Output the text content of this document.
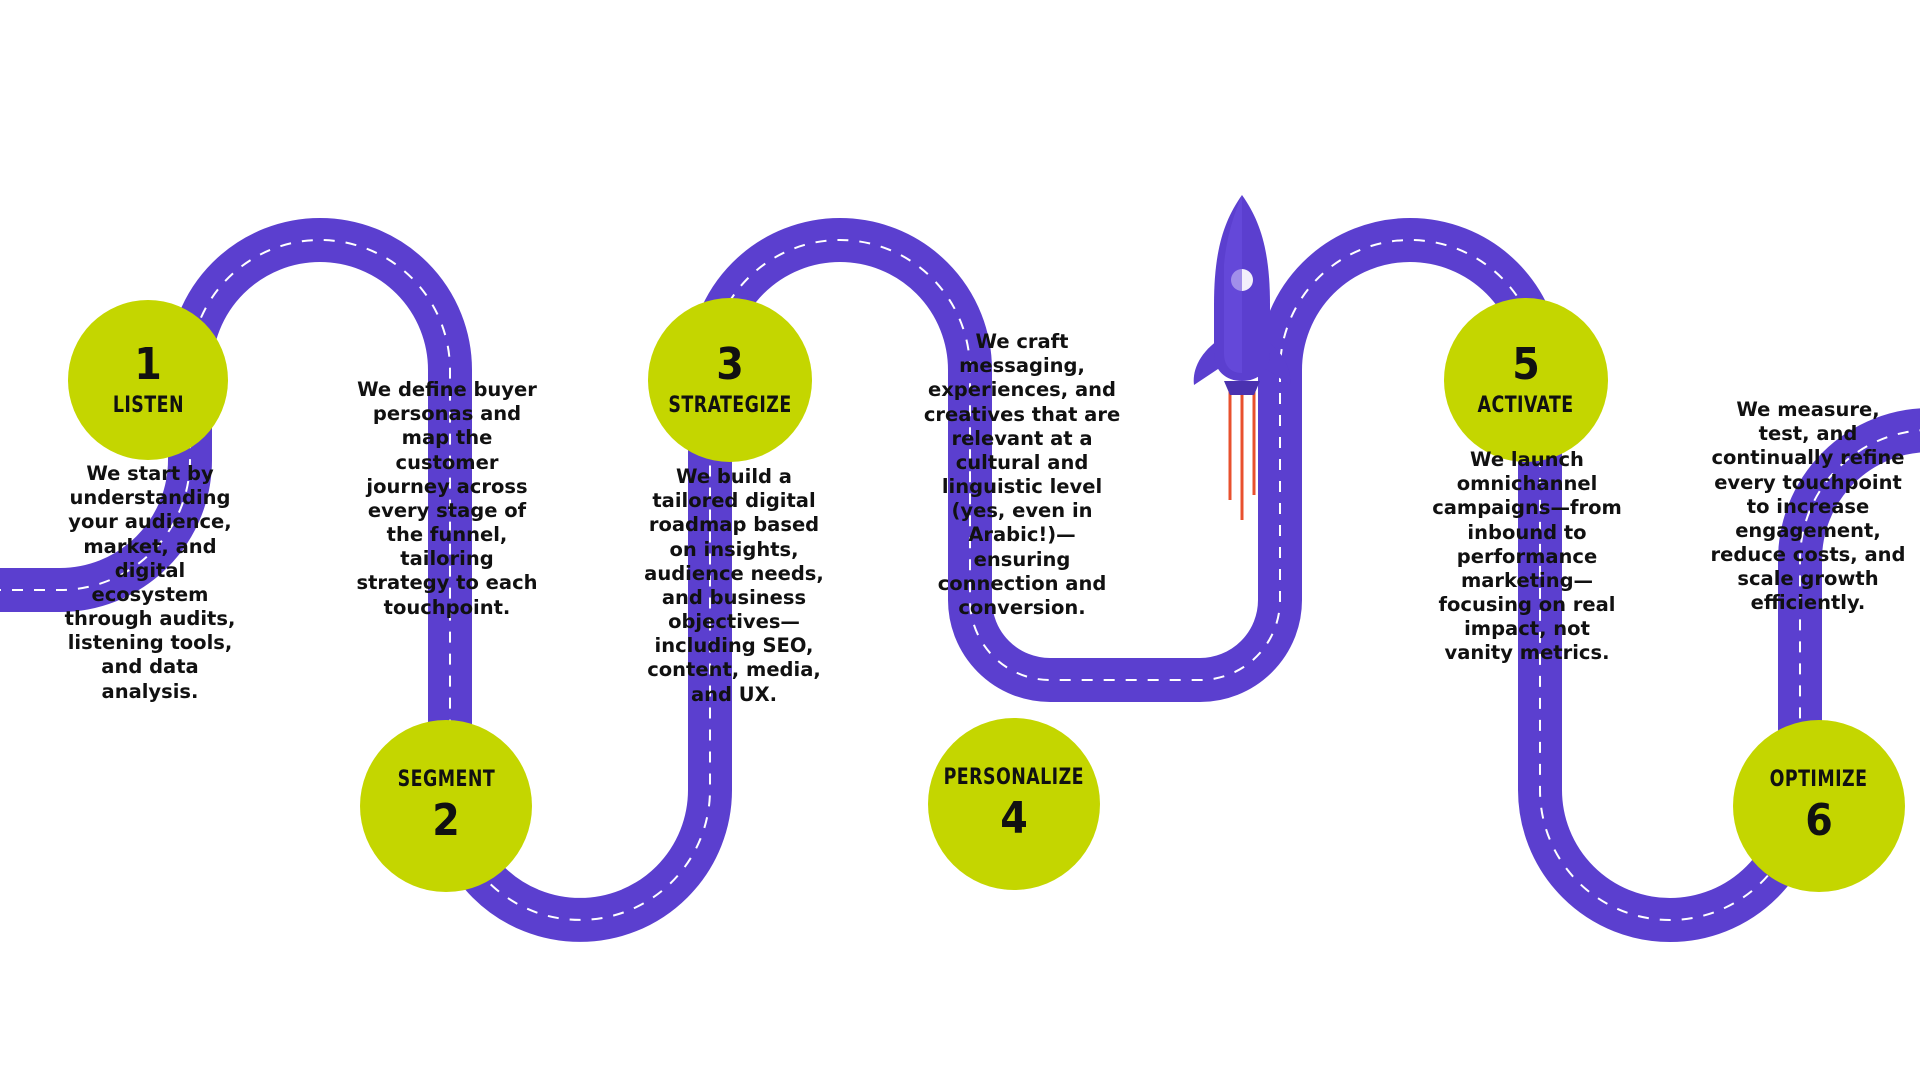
1
LISTEN
We start by understanding your audience, market, and digital ecosystem through audits, listening tools, and data analysis.
SEGMENT
2
We define buyer personas and map the customer journey across every stage of the funnel, tailoring strategy to each touchpoint.
3
STRATEGIZE
We build a tailored digital roadmap based on insights, audience needs, and business objectives—including SEO, content, media, and UX.
PERSONALIZE
4
We craft messaging, experiences, and creatives that are relevant at a cultural and linguistic level (yes, even in Arabic!)—ensuring connection and conversion.
5
ACTIVATE
We launch omnichannel campaigns—from inbound to performance marketing—focusing on real impact, not vanity metrics.
OPTIMIZE
6
We measure, test, and continually refine every touchpoint to increase engagement, reduce costs, and scale growth efficiently.
